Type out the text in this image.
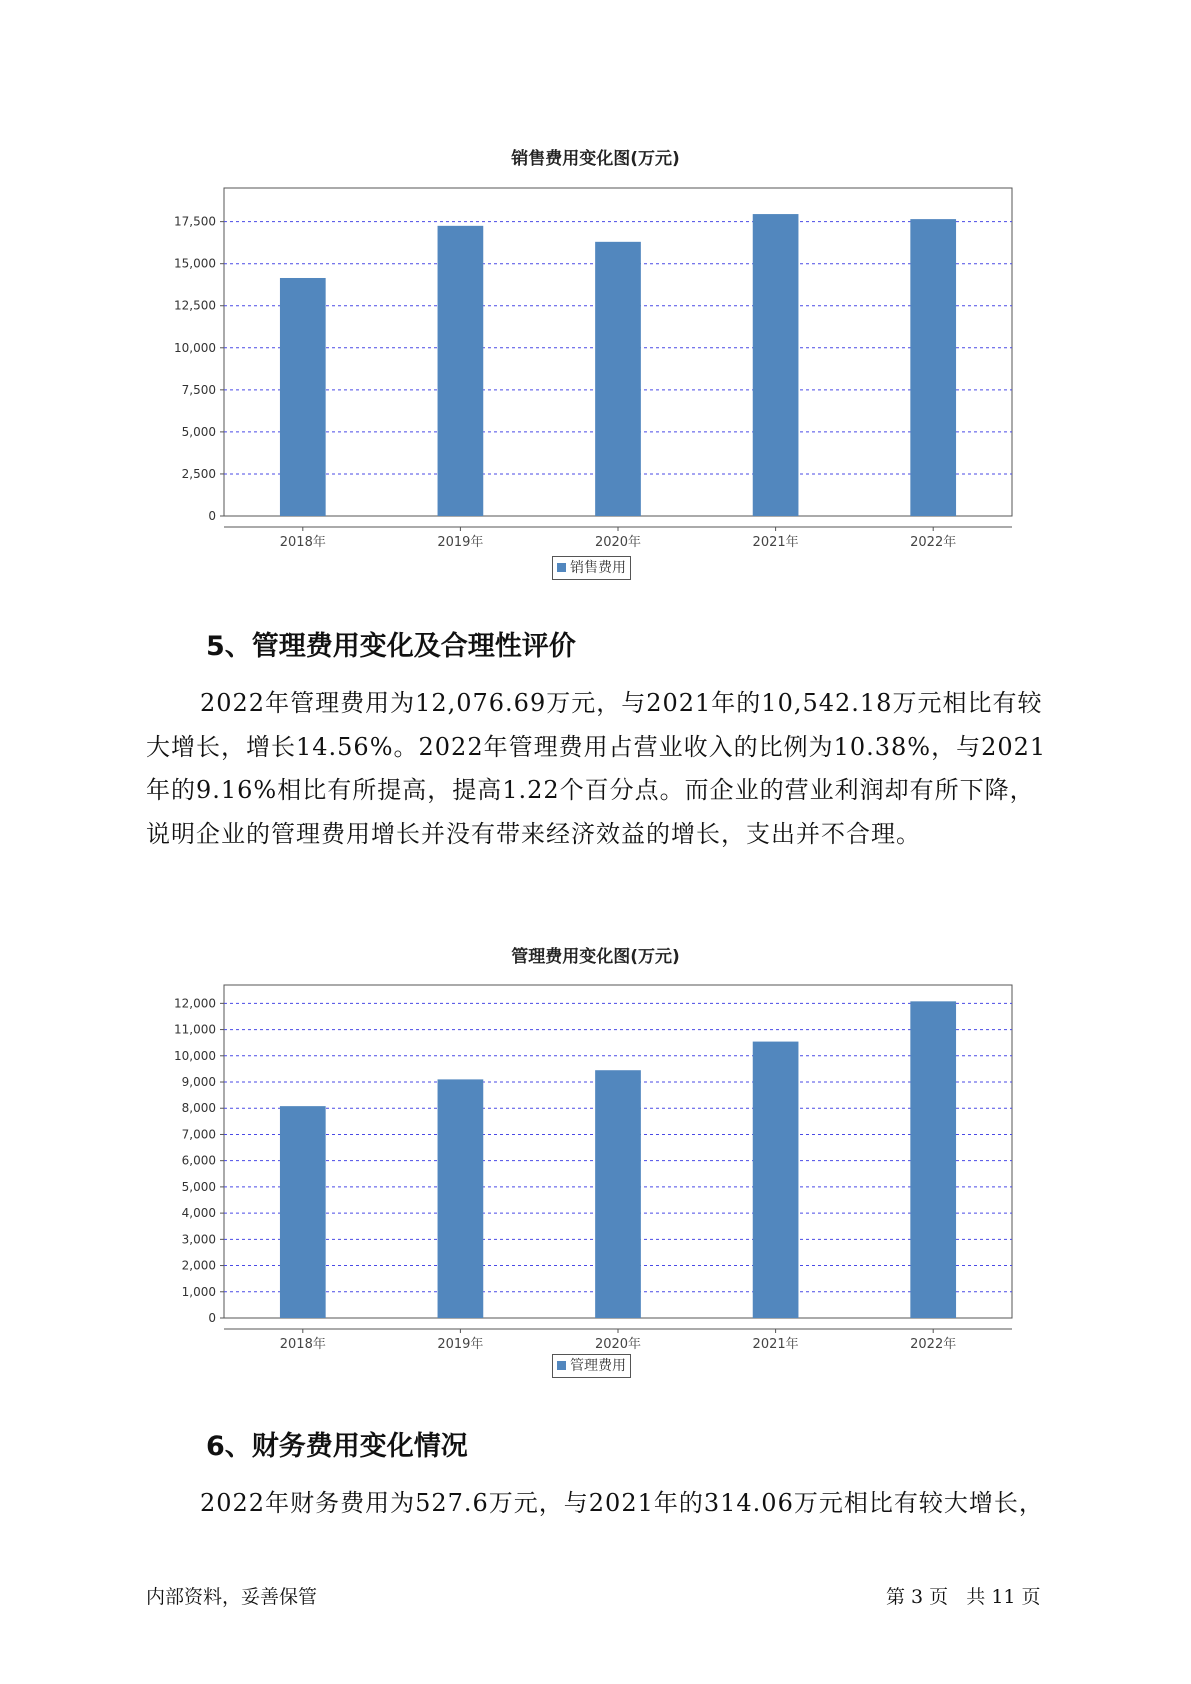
销售费用变化图(万元)
0
2,500
5,000
7,500
10,000
12,500
15,000
17,500
2018年	2019年	2020年	2021年	2022年
销售费用
5、管理费用变化及合理性评价

2022年管理费用为12,076.69万元，与2021年的10,542.18万元相比有较大增长，增长14.56%。2022年管理费用占营业收入的比例为10.38%，与2021年的9.16%相比有所提高，提高1.22个百分点。而企业的营业利润却有所下降，说明企业的管理费用增长并没有带来经济效益的增长，支出并不合理。

管理费用变化图(万元)
0
1,000
2,000
3,000
4,000
5,000
6,000
7,000
8,000
9,000
10,000
11,000
12,000
2018年	2019年	2020年	2021年	2022年
管理费用
6、财务费用变化情况

2022年财务费用为527.6万元，与2021年的314.06万元相比有较大增长，

内部资料，妥善保管	第 3 页   共 11 页
